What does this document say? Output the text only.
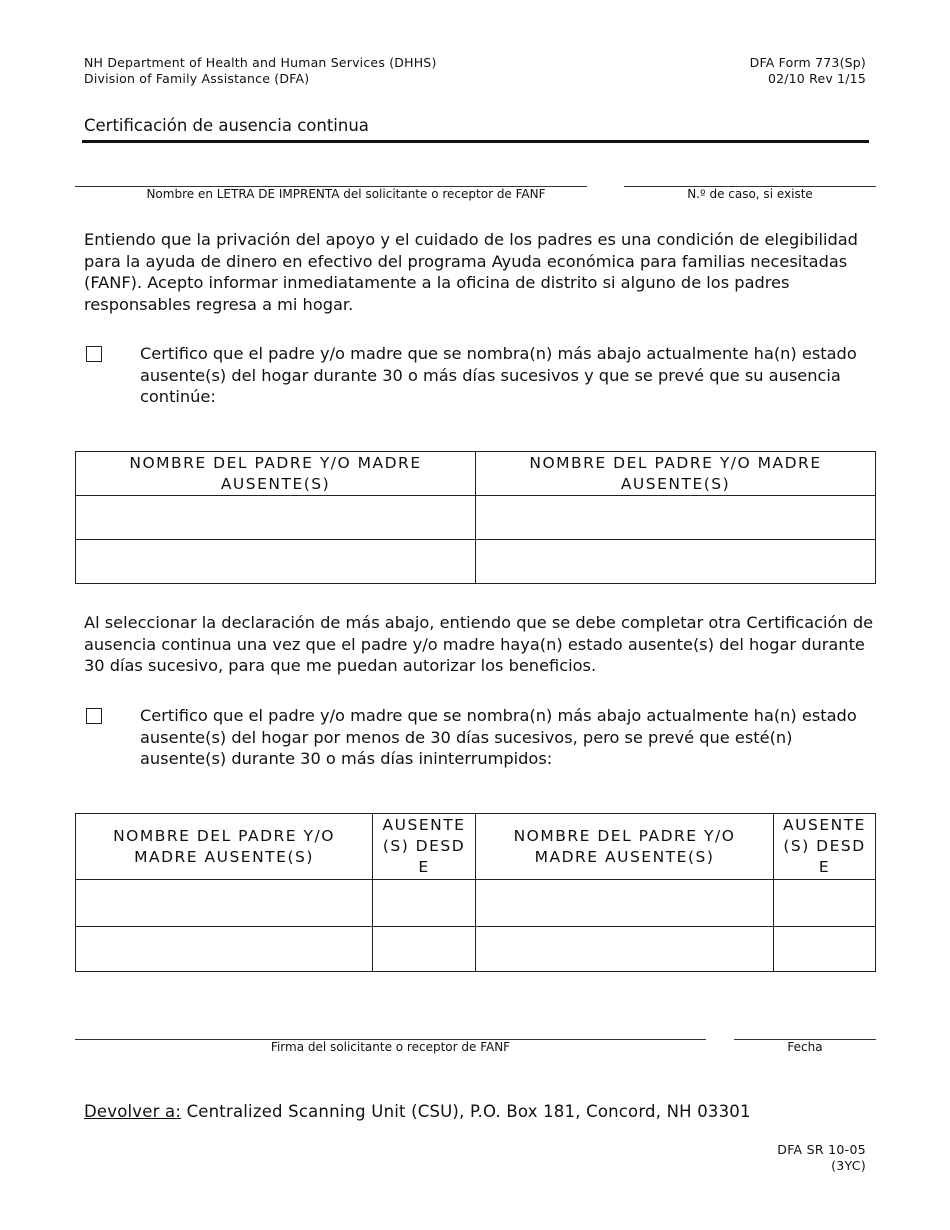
NH Department of Health and Human Services (DHHS)
Division of Family Assistance (DFA)
DFA Form 773(Sp)
02/10 Rev 1/15
Certificación de ausencia continua
Nombre en LETRA DE IMPRENTA del solicitante o receptor de FANF	N.º de caso, si existe
Entiendo que la privación del apoyo y el cuidado de los padres es una condición de elegibilidad para la ayuda de dinero en efectivo del programa Ayuda económica para familias necesitadas (FANF). Acepto informar inmediatamente a la oficina de distrito si alguno de los padres responsables regresa a mi hogar.
Certifico que el padre y/o madre que se nombra(n) más abajo actualmente ha(n) estado ausente(s) del hogar durante 30 o más días sucesivos y que se prevé que su ausencia continúe:
NOMBRE DEL PADRE Y/O MADRE AUSENTE(S)	NOMBRE DEL PADRE Y/O MADRE AUSENTE(S)

Al seleccionar la declaración de más abajo, entiendo que se debe completar otra Certificación de ausencia continua una vez que el padre y/o madre haya(n) estado ausente(s) del hogar durante 30 días sucesivo, para que me puedan autorizar los beneficios.
Certifico que el padre y/o madre que se nombra(n) más abajo actualmente ha(n) estado ausente(s) del hogar por menos de 30 días sucesivos, pero se prevé que esté(n) ausente(s) durante 30 o más días ininterrumpidos:
NOMBRE DEL PADRE Y/O MADRE AUSENTE(S)	AUSENTE(S) DESDE	NOMBRE DEL PADRE Y/O MADRE AUSENTE(S)	AUSENTE(S) DESDE

Firma del solicitante o receptor de FANF	Fecha
Devolver a: Centralized Scanning Unit (CSU), P.O. Box 181, Concord, NH 03301
DFA SR 10-05
(3YC)
